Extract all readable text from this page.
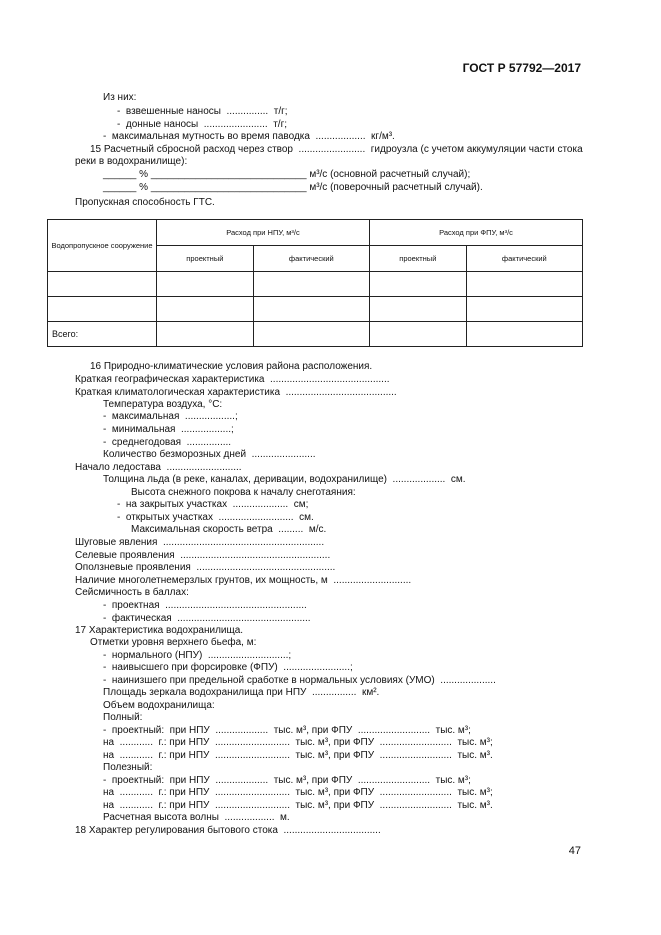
ГОСТ Р 57792—2017
Из них:
-  взвешенные наносы  ...............  т/г;
-  донные наносы  .......................  т/г;
-  максимальная мутность во время паводка  ..................  кг/м³.
15 Расчетный сбросной расход через створ  ........................  гидроузла (с учетом аккумуляции части стока
реки в водохранилище):
______ % ____________________________ м³/с (основной расчетный случай);
______ % ____________________________ м³/с (поверочный расчетный случай).
Пропускная способность ГТС.
Водопропускное сооружение	Расход при НПУ, м³/с		Расход при ФПУ, м³/с	
	проектный	фактический	проектный	фактический

Всего:				
16 Природно-климатические условия района расположения.
Краткая географическая характеристика  ...........................................
Краткая климатологическая характеристика  ........................................
Температура воздуха, °С:
-  максимальная  ..................;
-  минимальная  ..................;
-  среднегодовая  ................
Количество безморозных дней  .......................
Начало ледостава  ...........................
Толщина льда (в реке, каналах, деривации, водохранилище)  ...................  см.
Высота снежного покрова к началу снеготаяния:
-  на закрытых участках  ....................  см;
-  открытых участках  ...........................  см.
Максимальная скорость ветра  .........  м/с.
Шуговые явления  ..........................................................
Селевые проявления  ......................................................
Оползневые проявления  ..................................................
Наличие многолетнемерзлых грунтов, их мощность, м  ............................
Сейсмичность в баллах:
-  проектная  ...................................................
-  фактическая  ................................................
17 Характеристика водохранилища.
Отметки уровня верхнего бьефа, м:
-  нормального (НПУ)  .............................;
-  наивысшего при форсировке (ФПУ)  ........................;
-  наинизшего при предельной сработке в нормальных условиях (УМО)  ....................
Площадь зеркала водохранилища при НПУ  ................  км².
Объем водохранилища:
Полный:
-  проектный:  при НПУ  ...................  тыс. м³, при ФПУ  ..........................  тыс. м³;
на  ............  г.: при НПУ  ...........................  тыс. м³, при ФПУ  ..........................  тыс. м³;
на  ............  г.: при НПУ  ...........................  тыс. м³, при ФПУ  ..........................  тыс. м³.
Полезный:
-  проектный:  при НПУ  ...................  тыс. м³, при ФПУ  ..........................  тыс. м³;
на  ............  г.: при НПУ  ...........................  тыс. м³, при ФПУ  ..........................  тыс. м³;
на  ............  г.: при НПУ  ...........................  тыс. м³, при ФПУ  ..........................  тыс. м³.
Расчетная высота волны  ..................  м.
18 Характер регулирования бытового стока  ...................................
47
